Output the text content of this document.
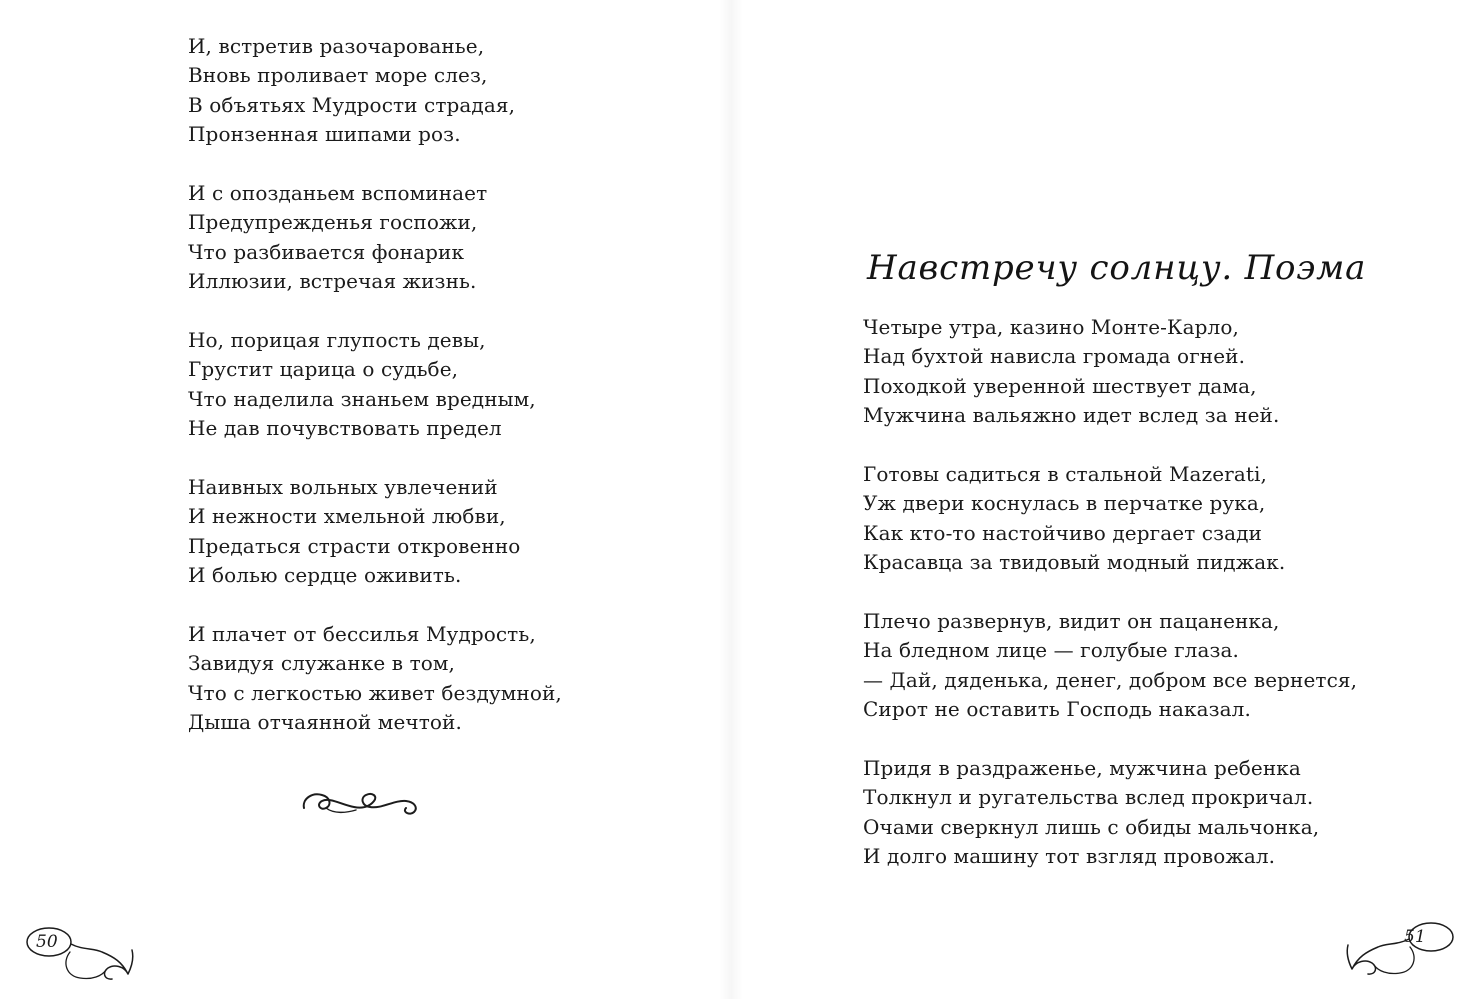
И, встретив разочарованье,
Вновь проливает море слез,
В объятьях Мудрости страдая,
Пронзенная шипами роз.
И с опозданьем вспоминает
Предупрежденья госпожи,
Что разбивается фонарик
Иллюзии, встречая жизнь.
Но, порицая глупость девы,
Грустит царица о судьбе,
Что наделила знаньем вредным,
Не дав почувствовать предел
Наивных вольных увлечений
И нежности хмельной любви,
Предаться страсти откровенно
И болью сердце оживить.
И плачет от бессилья Мудрость,
Завидуя служанке в том,
Что с легкостью живет бездумной,
Дыша отчаянной мечтой.
50
Навстречу солнцу. Поэма
Четыре утра, казино Монте-Карло,
Над бухтой нависла громада огней.
Походкой уверенной шествует дама,
Мужчина вальяжно идет вслед за ней.
Готовы садиться в стальной Mazerati,
Уж двери коснулась в перчатке рука,
Как кто-то настойчиво дергает сзади
Красавца за твидовый модный пиджак.
Плечо развернув, видит он пацаненка,
На бледном лице — голубые глаза.
— Дай, дяденька, денег, добром все вернется,
Сирот не оставить Господь наказал.
Придя в раздраженье, мужчина ребенка
Толкнул и ругательства вслед прокричал.
Очами сверкнул лишь с обиды мальчонка,
И долго машину тот взгляд провожал.
51
